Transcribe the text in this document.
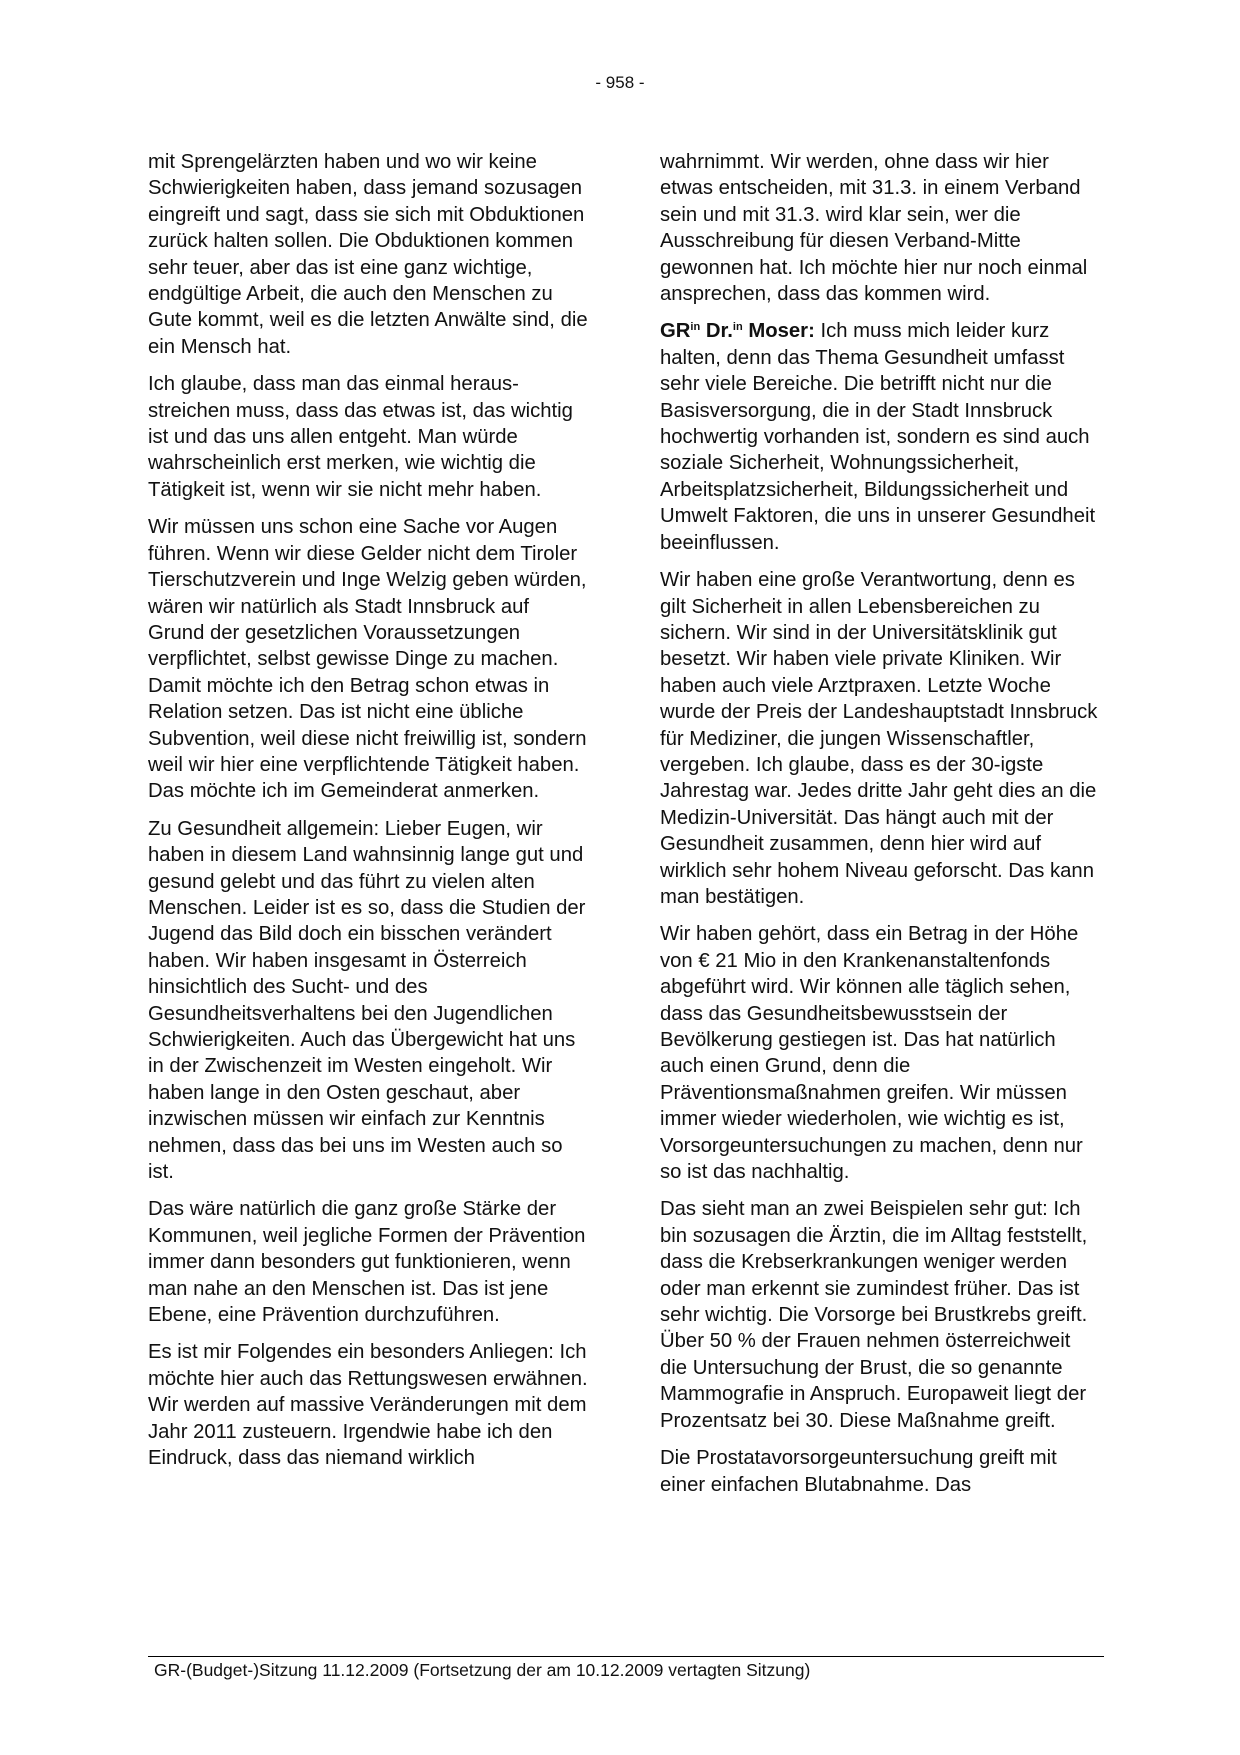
- 958 -

mit Sprengelärzten haben und wo wir keine Schwierigkeiten haben, dass jemand sozusagen eingreift und sagt, dass sie sich mit Obduktionen zurück halten sollen. Die Obduktionen kommen sehr teuer, aber das ist eine ganz wichtige, endgültige Arbeit, die auch den Menschen zu Gute kommt, weil es die letzten Anwälte sind, die ein Mensch hat.

Ich glaube, dass man das einmal herausstreichen muss, dass das etwas ist, das wichtig ist und das uns allen entgeht. Man würde wahrscheinlich erst merken, wie wichtig die Tätigkeit ist, wenn wir sie nicht mehr haben.

Wir müssen uns schon eine Sache vor Augen führen. Wenn wir diese Gelder nicht dem Tiroler Tierschutzverein und Inge Welzig geben würden, wären wir natürlich als Stadt Innsbruck auf Grund der gesetzlichen Voraussetzungen verpflichtet, selbst gewisse Dinge zu machen. Damit möchte ich den Betrag schon etwas in Relation setzen. Das ist nicht eine übliche Subvention, weil diese nicht freiwillig ist, sondern weil wir hier eine verpflichtende Tätigkeit haben. Das möchte ich im Gemeinderat anmerken.

Zu Gesundheit allgemein: Lieber Eugen, wir haben in diesem Land wahnsinnig lange gut und gesund gelebt und das führt zu vielen alten Menschen. Leider ist es so, dass die Studien der Jugend das Bild doch ein bisschen verändert haben. Wir haben insgesamt in Österreich hinsichtlich des Sucht- und des Gesundheitsverhaltens bei den Jugendlichen Schwierigkeiten. Auch das Übergewicht hat uns in der Zwischenzeit im Westen eingeholt. Wir haben lange in den Osten geschaut, aber inzwischen müssen wir einfach zur Kenntnis nehmen, dass das bei uns im Westen auch so ist.

Das wäre natürlich die ganz große Stärke der Kommunen, weil jegliche Formen der Prävention immer dann besonders gut funktionieren, wenn man nahe an den Menschen ist. Das ist jene Ebene, eine Prävention durchzuführen.

Es ist mir Folgendes ein besonders Anliegen: Ich möchte hier auch das Rettungswesen erwähnen. Wir werden auf massive Veränderungen mit dem Jahr 2011 zusteuern. Irgendwie habe ich den Eindruck, dass das niemand wirklich

wahrnimmt. Wir werden, ohne dass wir hier etwas entscheiden, mit 31.3. in einem Verband sein und mit 31.3. wird klar sein, wer die Ausschreibung für diesen Verband-Mitte gewonnen hat. Ich möchte hier nur noch einmal ansprechen, dass das kommen wird.

$GR^{in}$ Dr.$^{in}$ Moser: Ich muss mich leider kurz halten, denn das Thema Gesundheit umfasst sehr viele Bereiche. Die betrifft nicht nur die Basisversorgung, die in der Stadt Innsbruck hochwertig vorhanden ist, sondern es sind auch soziale Sicherheit, Wohnungssicherheit, Arbeitsplatzsicherheit, Bildungssicherheit und Umwelt Faktoren, die uns in unserer Gesundheit beeinflussen.

Wir haben eine große Verantwortung, denn es gilt Sicherheit in allen Lebensbereichen zu sichern. Wir sind in der Universitätsklinik gut besetzt. Wir haben viele private Kliniken. Wir haben auch viele Arztpraxen. Letzte Woche wurde der Preis der Landeshauptstadt Innsbruck für Mediziner, die jungen Wissenschaftler, vergeben. Ich glaube, dass es der 30-igste Jahrestag war. Jedes dritte Jahr geht dies an die Medizin-Universität. Das hängt auch mit der Gesundheit zusammen, denn hier wird auf wirklich sehr hohem Niveau geforscht. Das kann man bestätigen.

Wir haben gehört, dass ein Betrag in der Höhe von € 21 Mio in den Krankenanstaltenfonds abgeführt wird. Wir können alle täglich sehen, dass das Gesundheitsbewusstsein der Bevölkerung gestiegen ist. Das hat natürlich auch einen Grund, denn die Präventionsmaßnahmen greifen. Wir müssen immer wieder wiederholen, wie wichtig es ist, Vorsorgeuntersuchungen zu machen, denn nur so ist das nachhaltig.

Das sieht man an zwei Beispielen sehr gut: Ich bin sozusagen die Ärztin, die im Alltag feststellt, dass die Krebserkrankungen weniger werden oder man erkennt sie zumindest früher. Das ist sehr wichtig. Die Vorsorge bei Brustkrebs greift. Über 50 % der Frauen nehmen österreichweit die Untersuchung der Brust, die so genannte Mammografie in Anspruch. Europaweit liegt der Prozentsatz bei 30. Diese Maßnahme greift.

Die Prostatavorsorgeuntersuchung greift mit einer einfachen Blutabnahme. Das

GR-(Budget-)Sitzung 11.12.2009 (Fortsetzung der am 10.12.2009 vertagten Sitzung)
